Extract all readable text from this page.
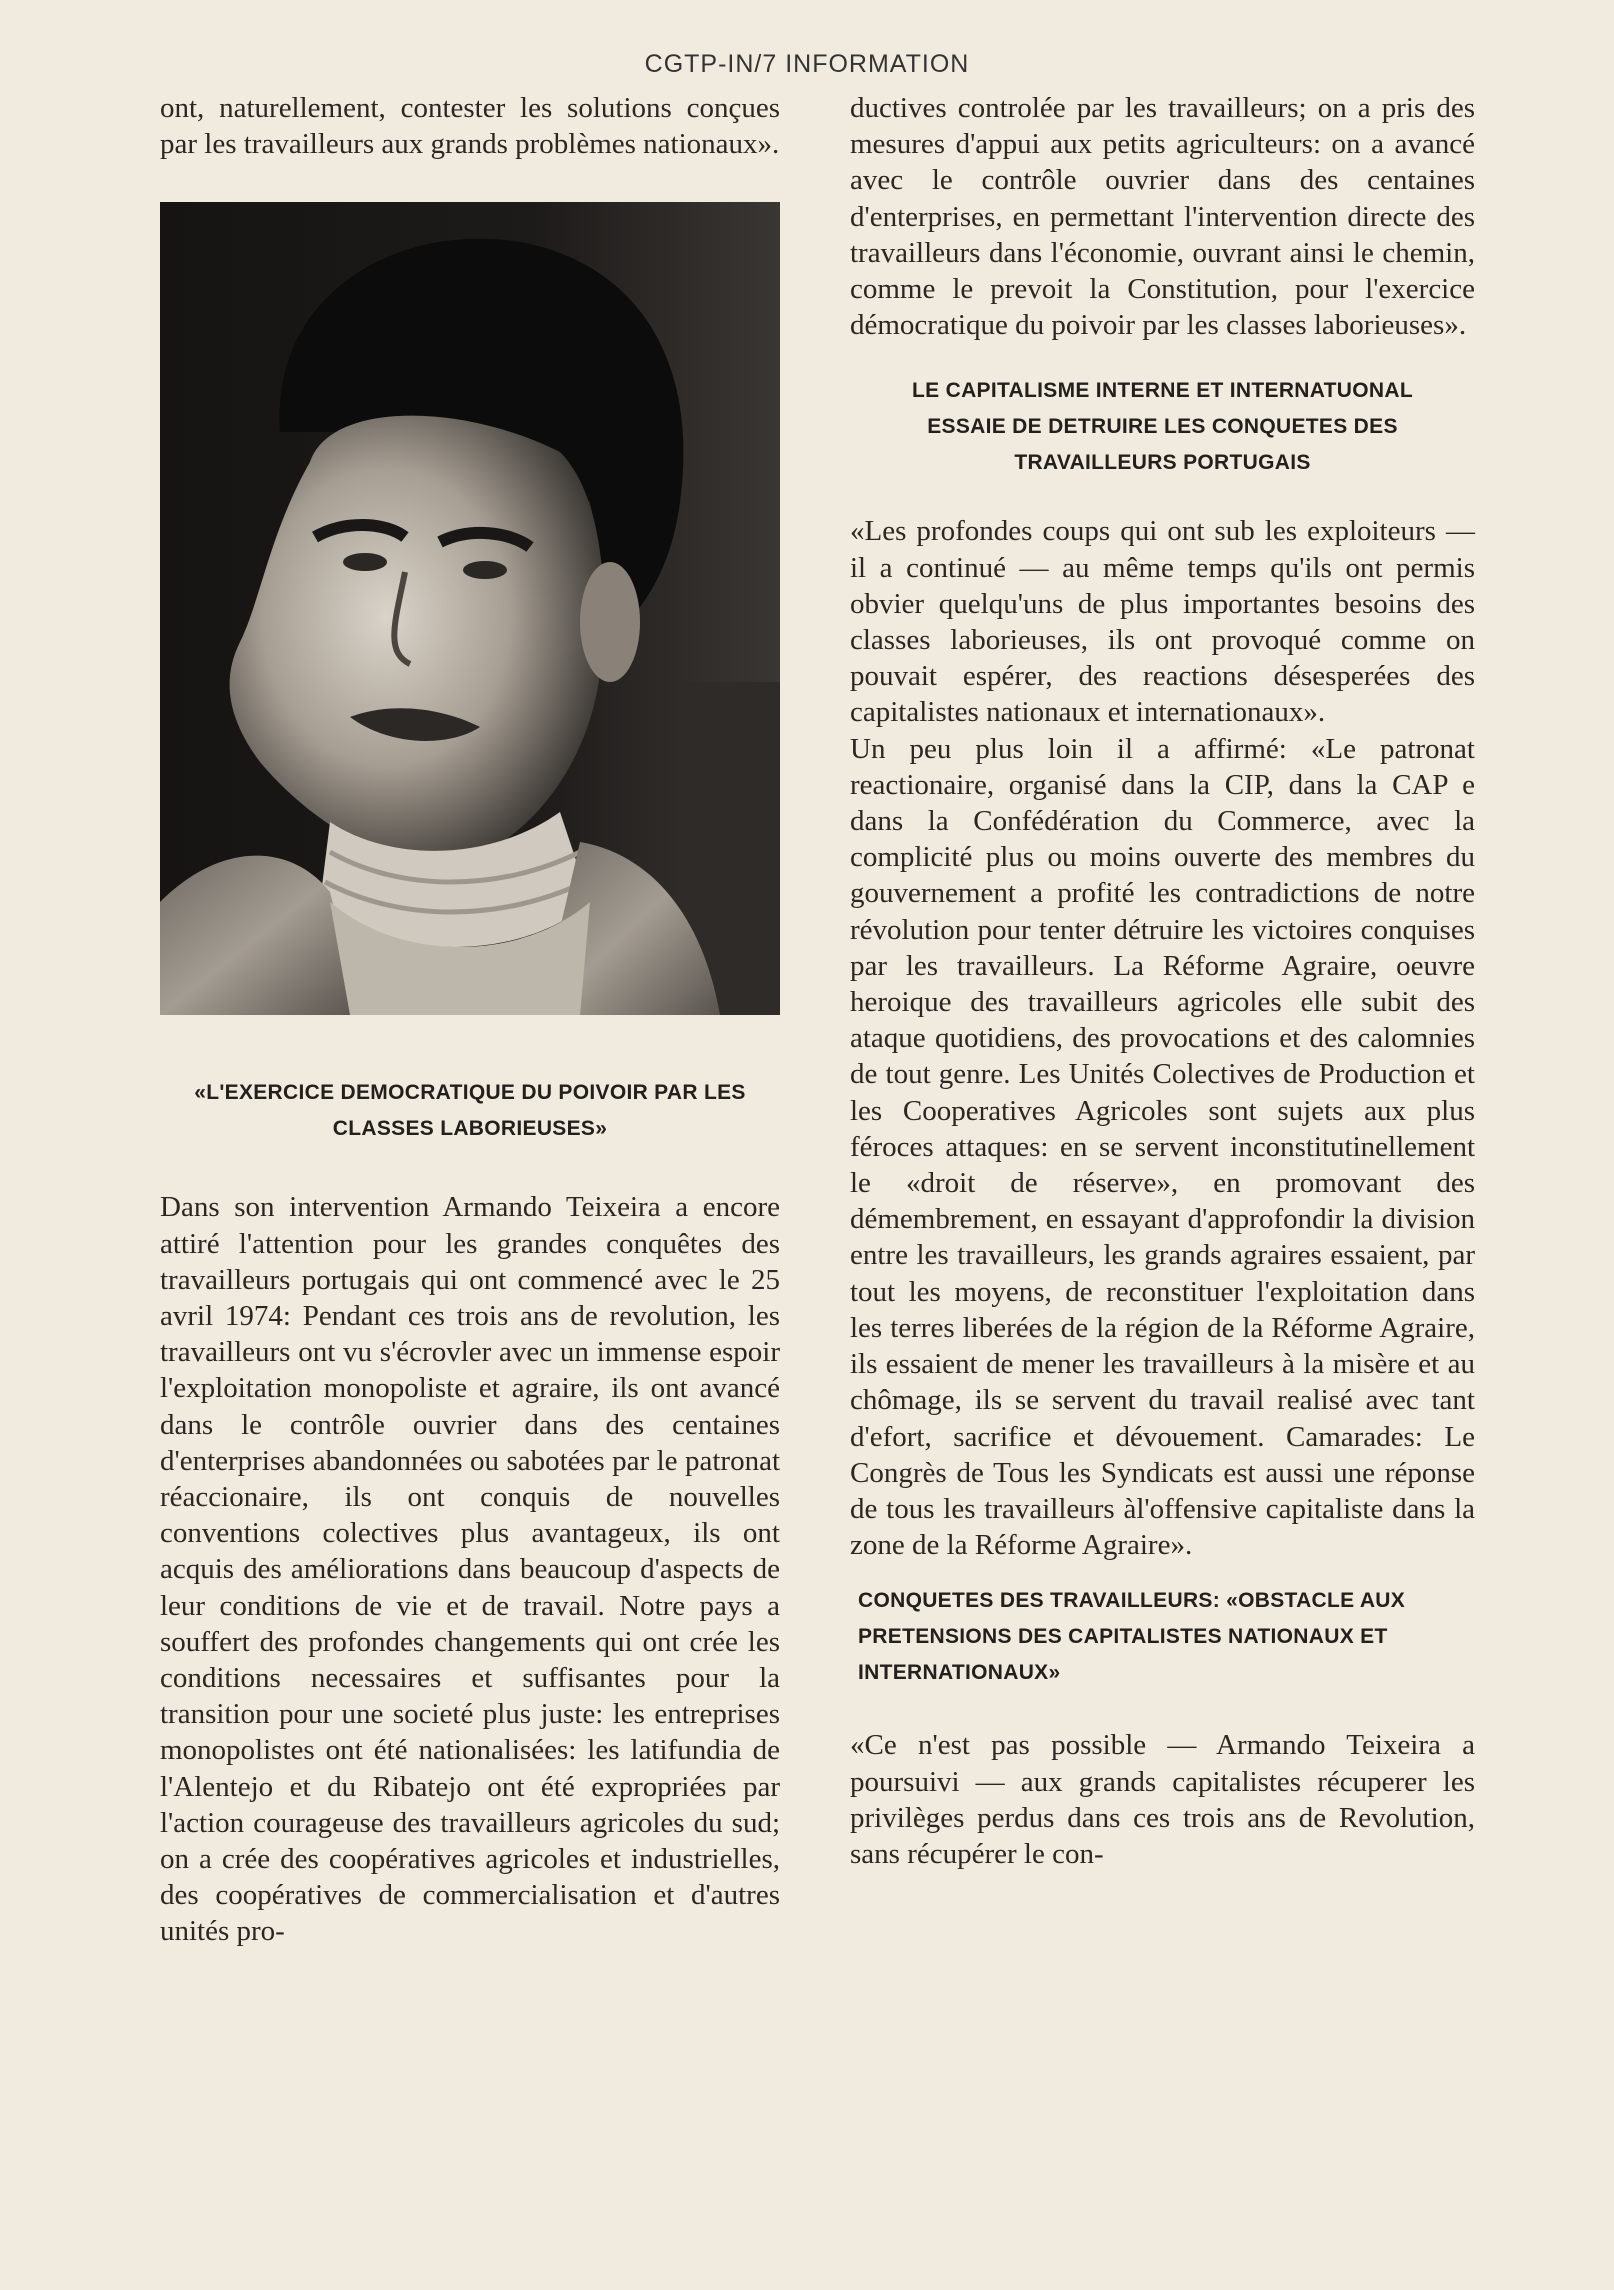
CGTP-IN/7 INFORMATION

ont, naturellement, contester les solutions conçues par les travailleurs aux grands problèmes nationaux».

«L'EXERCICE DEMOCRATIQUE DU POIVOIR PAR LES CLASSES LABORIEUSES»

Dans son intervention Armando Teixeira a encore attiré l'attention pour les grandes conquêtes des travailleurs portugais qui ont commencé avec le 25 avril 1974: Pendant ces trois ans de revolution, les travailleurs ont vu s'écrovler avec un immense espoir l'exploitation monopoliste et agraire, ils ont avancé dans le contrôle ouvrier dans des centaines d'enterprises abandonnées ou sabotées par le patronat réaccionaire, ils ont conquis de nouvelles conventions colectives plus avantageux, ils ont acquis des améliorations dans beaucoup d'aspects de leur conditions de vie et de travail. Notre pays a souffert des profondes changements qui ont crée les conditions necessaires et suffisantes pour la transition pour une societé plus juste: les entreprises monopolistes ont été nationalisées: les latifundia de l'Alentejo et du Ribatejo ont été expropriées par l'action courageuse des travailleurs agricoles du sud; on a crée des coopératives agricoles et industrielles, des coopératives de commercialisation et d'autres unités pro-

ductives controlée par les travailleurs; on a pris des mesures d'appui aux petits agriculteurs: on a avancé avec le contrôle ouvrier dans des centaines d'enterprises, en permettant l'intervention directe des travailleurs dans l'économie, ouvrant ainsi le chemin, comme le prevoit la Constitution, pour l'exercice démocratique du poivoir par les classes laborieuses».

LE CAPITALISME INTERNE ET INTERNATUONAL ESSAIE DE DETRUIRE LES CONQUETES DES TRAVAILLEURS PORTUGAIS

«Les profondes coups qui ont sub les exploiteurs — il a continué — au même temps qu'ils ont permis obvier quelqu'uns de plus importantes besoins des classes laborieuses, ils ont provoqué comme on pouvait espérer, des reactions désesperées des capitalistes nationaux et internationaux».

Un peu plus loin il a affirmé: «Le patronat reactionaire, organisé dans la CIP, dans la CAP e dans la Confédération du Commerce, avec la complicité plus ou moins ouverte des membres du gouvernement a profité les contradictions de notre révolution pour tenter détruire les victoires conquises par les travailleurs. La Réforme Agraire, oeuvre heroique des travailleurs agricoles elle subit des ataque quotidiens, des provocations et des calomnies de tout genre. Les Unités Colectives de Production et les Cooperatives Agricoles sont sujets aux plus féroces attaques: en se servent inconstitutinellement le «droit de réserve», en promovant des démembrement, en essayant d'approfondir la division entre les travailleurs, les grands agraires essaient, par tout les moyens, de reconstituer l'exploitation dans les terres liberées de la région de la Réforme Agraire, ils essaient de mener les travailleurs à la misère et au chômage, ils se servent du travail realisé avec tant d'efort, sacrifice et dévouement. Camarades: Le Congrès de Tous les Syndicats est aussi une réponse de tous les travailleurs àl'offensive capitaliste dans la zone de la Réforme Agraire».

CONQUETES DES TRAVAILLEURS: «OBSTACLE AUX PRETENSIONS DES CAPITALISTES NATIONAUX ET INTERNATIONAUX»

«Ce n'est pas possible — Armando Teixeira a poursuivi — aux grands capitalistes récuperer les privilèges perdus dans ces trois ans de Revolution, sans récupérer le con-
